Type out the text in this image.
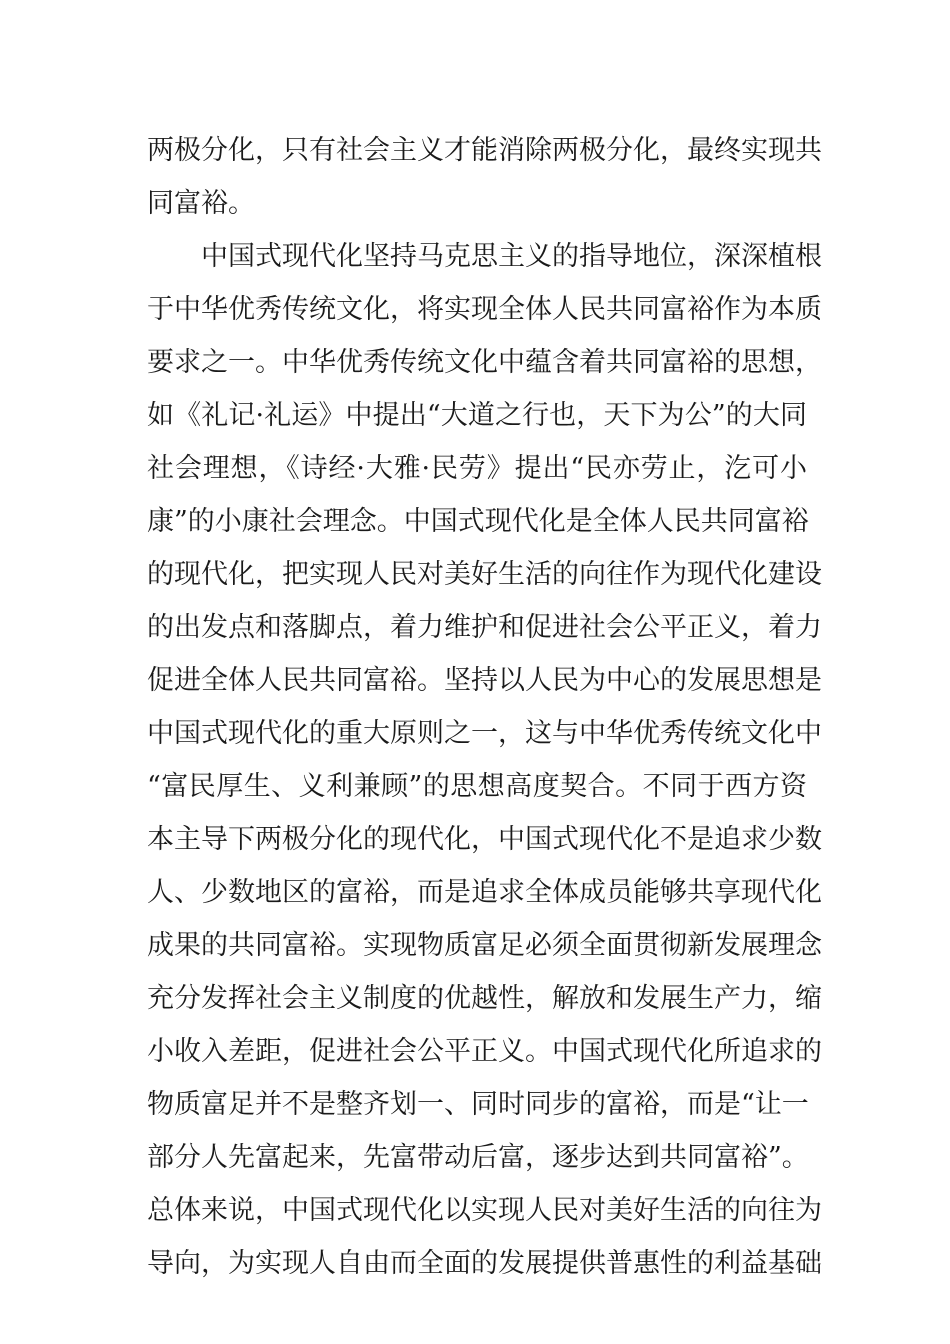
两极分化，只有社会主义才能消除两极分化，最终实现共
同富裕。
　　中国式现代化坚持马克思主义的指导地位，深深植根
于中华优秀传统文化，将实现全体人民共同富裕作为本质
要求之一。中华优秀传统文化中蕴含着共同富裕的思想，
如《礼记·礼运》中提出“大道之行也，天下为公”的大同
社会理想，《诗经·大雅·民劳》提出“民亦劳止，汔可小
康”的小康社会理念。中国式现代化是全体人民共同富裕
的现代化，把实现人民对美好生活的向往作为现代化建设
的出发点和落脚点，着力维护和促进社会公平正义，着力
促进全体人民共同富裕。坚持以人民为中心的发展思想是
中国式现代化的重大原则之一，这与中华优秀传统文化中
“富民厚生、义利兼顾”的思想高度契合。不同于西方资
本主导下两极分化的现代化，中国式现代化不是追求少数
人、少数地区的富裕，而是追求全体成员能够共享现代化
成果的共同富裕。实现物质富足必须全面贯彻新发展理念
充分发挥社会主义制度的优越性，解放和发展生产力，缩
小收入差距，促进社会公平正义。中国式现代化所追求的
物质富足并不是整齐划一、同时同步的富裕，而是“让一
部分人先富起来，先富带动后富，逐步达到共同富裕”。
总体来说，中国式现代化以实现人民对美好生活的向往为
导向，为实现人自由而全面的发展提供普惠性的利益基础
